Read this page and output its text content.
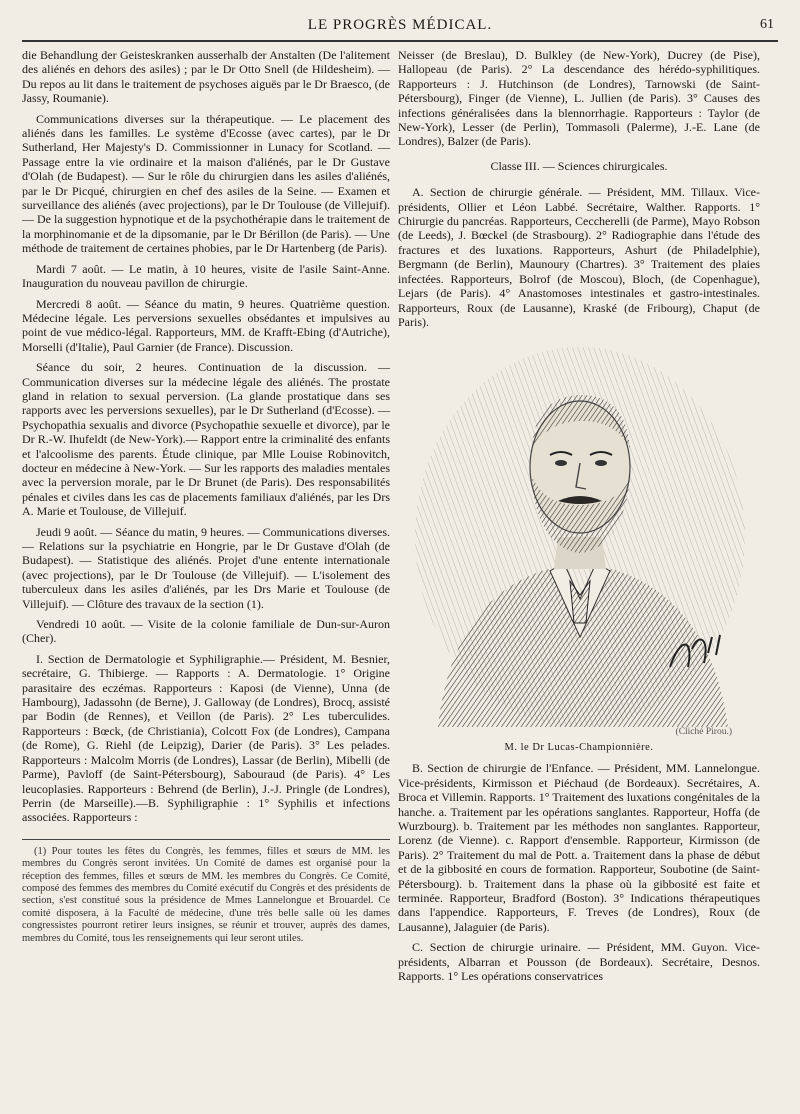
LE PROGRÈS MÉDICAL.	61

die Behandlung der Geisteskranken ausserhalb der Anstalten (De l'alitement des aliénés en dehors des asiles) ; par le Dr Otto Snell (de Hildesheim). — Du repos au lit dans le traitement de psychoses aiguës par le Dr Braesco, (de Jassy, Roumanie).

Communications diverses sur la thérapeutique. — Le placement des aliénés dans les familles. Le système d'Ecosse (avec cartes), par le Dr Sutherland, Her Majesty's D. Commissionner in Lunacy for Scotland. — Passage entre la vie ordinaire et la maison d'aliénés, par le Dr Gustave d'Olah (de Budapest). — Sur le rôle du chirurgien dans les asiles d'aliénés, par le Dr Picqué, chirurgien en chef des asiles de la Seine. — Examen et surveillance des aliénés (avec projections), par le Dr Toulouse (de Villejuif). — De la suggestion hypnotique et de la psychothérapie dans le traitement de la morphinomanie et de la dipsomanie, par le Dr Bérillon (de Paris). — Une méthode de traitement de certaines phobies, par le Dr Hartenberg (de Paris).

Mardi 7 août. — Le matin, à 10 heures, visite de l'asile Saint-Anne. Inauguration du nouveau pavillon de chirurgie.

Mercredi 8 août. — Séance du matin, 9 heures. Quatrième question. Médecine légale. Les perversions sexuelles obsédantes et impulsives au point de vue médico-légal. Rapporteurs, MM. de Krafft-Ebing (d'Autriche), Morselli (d'Italie), Paul Garnier (de France). Discussion.

Séance du soir, 2 heures. Continuation de la discussion. — Communication diverses sur la médecine légale des aliénés. The prostate gland in relation to sexual perversion. (La glande prostatique dans ses rapports avec les perversions sexuelles), par le Dr Sutherland (d'Ecosse). — Psychopathia sexualis and divorce (Psychopathie sexuelle et divorce), par le Dr R.-W. Ihufeldt (de New-York).— Rapport entre la criminalité des enfants et l'alcoolisme des parents. Étude clinique, par Mlle Louise Robinovitch, docteur en médecine à New-York. — Sur les rapports des maladies mentales avec la perversion morale, par le Dr Brunet (de Paris). Des responsabilités pénales et civiles dans les cas de placements familiaux d'aliénés, par les Drs A. Marie et Toulouse, de Villejuif.

Jeudi 9 août. — Séance du matin, 9 heures. — Communications diverses. — Relations sur la psychiatrie en Hongrie, par le Dr Gustave d'Olah (de Budapest). — Statistique des aliénés. Projet d'une entente internationale (avec projections), par le Dr Toulouse (de Villejuif). — L'isolement des tuberculeux dans les asiles d'aliénés, par les Drs Marie et Toulouse (de Villejuif). — Clôture des travaux de la section (1).

Vendredi 10 août. — Visite de la colonie familiale de Dun-sur-Auron (Cher).

I. Section de Dermatologie et Syphiligraphie.— Président, M. Besnier, secrétaire, G. Thibierge. — Rapports : A. Dermatologie. 1° Origine parasitaire des eczémas. Rapporteurs : Kaposi (de Vienne), Unna (de Hambourg), Jadassohn (de Berne), J. Galloway (de Londres), Brocq, assisté par Bodin (de Rennes), et Veillon (de Paris). 2° Les tuberculides. Rapporteurs : Bœck, (de Christiania), Colcott Fox (de Londres), Campana (de Rome), G. Riehl (de Leipzig), Darier (de Paris). 3° Les pelades. Rapporteurs : Malcolm Morris (de Londres), Lassar (de Berlin), Mibelli (de Parme), Pavloff (de Saint-Pétersbourg), Sabouraud (de Paris). 4° Les leucoplasies. Rapporteurs : Behrend (de Berlin), J.-J. Pringle (de Londres), Perrin (de Marseille).—B. Syphiligraphie : 1° Syphilis et infections associées. Rapporteurs :

(1) Pour toutes les fêtes du Congrès, les femmes, filles et sœurs de MM. les membres du Congrès seront invitées. Un Comité de dames est organisé pour la réception des femmes, filles et sœurs de MM. les membres du Congrès. Ce Comité, composé des femmes des membres du Comité exécutif du Congrès et des présidents de section, s'est constitué sous la présidence de Mmes Lannelongue et Brouardel. Ce comité disposera, à la Faculté de médecine, d'une très belle salle où les dames congressistes pourront retirer leurs insignes, se réunir et trouver, auprès des dames, membres du Comité, tous les renseignements qui leur seront utiles.

Neisser (de Breslau), D. Bulkley (de New-York), Ducrey (de Pise), Hallopeau (de Paris). 2° La descendance des hérédo-syphilitiques. Rapporteurs : J. Hutchinson (de Londres), Tarnowski (de Saint-Pétersbourg), Finger (de Vienne), L. Jullien (de Paris). 3° Causes des infections généralisées dans la blennorrhagie. Rapporteurs : Taylor (de New-York), Lesser (de Perlin), Tommasoli (Palerme), J.-E. Lane (de Londres), Balzer (de Paris).

Classe III. — Sciences chirurgicales.

A. Section de chirurgie générale. — Président, MM. Tillaux. Vice-présidents, Ollier et Léon Labbé. Secrétaire, Walther. Rapports. 1° Chirurgie du pancréas. Rapporteurs, Ceccherelli (de Parme), Mayo Robson (de Leeds), J. Bœckel (de Strasbourg). 2° Radiographie dans l'étude des fractures et des luxations. Rapporteurs, Ashurt (de Philadelphie), Bergmann (de Berlin), Maunoury (Chartres). 3° Traitement des plaies infectées. Rapporteurs, Bolrof (de Moscou), Bloch, (de Copenhague), Lejars (de Paris). 4° Anastomoses intestinales et gastro-intestinales. Rapporteurs, Roux (de Lausanne), Kraské (de Fribourg), Chaput (de Paris).

(Cliché Pirou.)
M. le Dr Lucas-Championnière.

B. Section de chirurgie de l'Enfance. — Président, MM. Lannelongue. Vice-présidents, Kirmisson et Piéchaud (de Bordeaux). Secrétaires, A. Broca et Villemin. Rapports. 1° Traitement des luxations congénitales de la hanche. a. Traitement par les opérations sanglantes. Rapporteur, Hoffa (de Wurzbourg). b. Traitement par les méthodes non sanglantes. Rapporteur, Lorenz (de Vienne). c. Rapport d'ensemble. Rapporteur, Kirmisson (de Paris). 2° Traitement du mal de Pott. a. Traitement dans la phase de début et de la gibbosité en cours de formation. Rapporteur, Soubotine (de Saint-Pétersbourg). b. Traitement dans la phase où la gibbosité est faite et terminée. Rapporteur, Bradford (Boston). 3° Indications thérapeutiques dans l'appendice. Rapporteurs, F. Treves (de Londres), Roux (de Lausanne), Jalaguier (de Paris).

C. Section de chirurgie urinaire. — Président, MM. Guyon. Vice-présidents, Albarran et Pousson (de Bordeaux). Secrétaire, Desnos. Rapports. 1° Les opérations conservatrices
